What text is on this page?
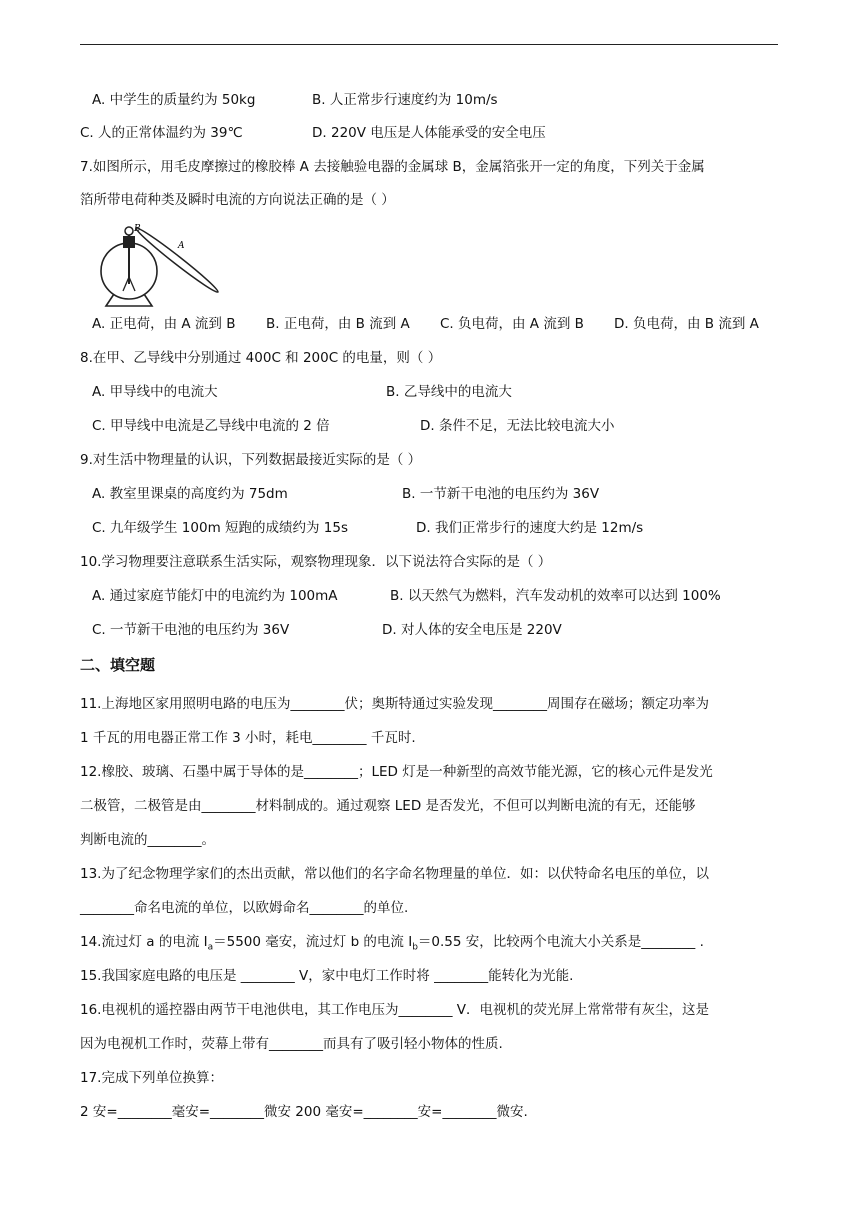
A. 中学生的质量约为 50kg	B. 人正常步行速度约为 10m/s
C. 人的正常体温约为 39℃	D. 220V 电压是人体能承受的安全电压
7.如图所示，用毛皮摩擦过的橡胶棒 A 去接触验电器的金属球 B，金属箔张开一定的角度，下列关于金属
箔所带电荷种类及瞬时电流的方向说法正确的是（ ）
B
A
A. 正电荷，由 A 流到 B B. 正电荷，由 B 流到 A C. 负电荷，由 A 流到 B D. 负电荷，由 B 流到 A
8.在甲、乙导线中分别通过 400C 和 200C 的电量，则（ ）
A. 甲导线中的电流大	B. 乙导线中的电流大
C. 甲导线中电流是乙导线中电流的 2 倍	D. 条件不足，无法比较电流大小
9.对生活中物理量的认识，下列数据最接近实际的是（ ）
A. 教室里课桌的高度约为 75dm	B. 一节新干电池的电压约为 36V
C. 九年级学生 100m 短跑的成绩约为 15s	D. 我们正常步行的速度大约是 12m/s
10.学习物理要注意联系生活实际，观察物理现象．以下说法符合实际的是（ ）
A. 通过家庭节能灯中的电流约为 100mA	B. 以天然气为燃料，汽车发动机的效率可以达到 100%
C. 一节新干电池的电压约为 36V	D. 对人体的安全电压是 220V
二、填空题
11.上海地区家用照明电路的电压为________伏；奥斯特通过实验发现________周围存在磁场；额定功率为
1 千瓦的用电器正常工作 3 小时，耗电________ 千瓦时.
12.橡胶、玻璃、石墨中属于导体的是________；LED 灯是一种新型的高效节能光源，它的核心元件是发光
二极管，二极管是由________材料制成的。通过观察 LED 是否发光，不但可以判断电流的有无，还能够
判断电流的________。
13.为了纪念物理学家们的杰出贡献，常以他们的名字命名物理量的单位．如：以伏特命名电压的单位，以
________命名电流的单位，以欧姆命名________的单位.
14.流过灯 a 的电流 $I_a=5500$ 毫安，流过灯 b 的电流 $I_b=0.55$ 安，比较两个电流大小关系是________ .
15.我国家庭电路的电压是 ________ V，家中电灯工作时将 ________能转化为光能.
16.电视机的遥控器由两节干电池供电，其工作电压为________ V．电视机的荧光屏上常常带有灰尘，这是
因为电视机工作时，荧幕上带有________而具有了吸引轻小物体的性质.
17.完成下列单位换算：
2 安=________毫安=________微安 200 毫安=________安=________微安.
